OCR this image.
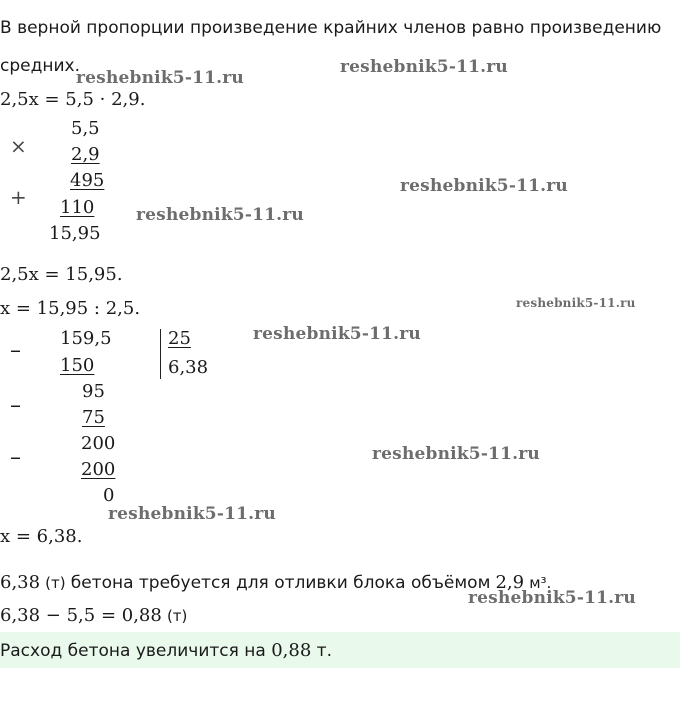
В верной пропорции произведение крайних членов равно произведению
средних.
2,5x = 5,5 · 2,9.
×
5,5
2,9
495
+ 110
15,95
2,5x = 15,95.
x = 15,95 : 2,5.
– 159,5
150
25
6,38
–
95
75
–
200
200
0
x = 6,38.
6,38 (т) бетона требуется для отливки блока объёмом 2,9 м³.
6,38 − 5,5 = 0,88 (т)
Расход бетона увеличится на 0,88 т.
reshebnik5-11.ru
reshebnik5-11.ru
reshebnik5-11.ru
reshebnik5-11.ru
reshebnik5-11.ru
reshebnik5-11.ru
reshebnik5-11.ru
reshebnik5-11.ru
reshebnik5-11.ru
